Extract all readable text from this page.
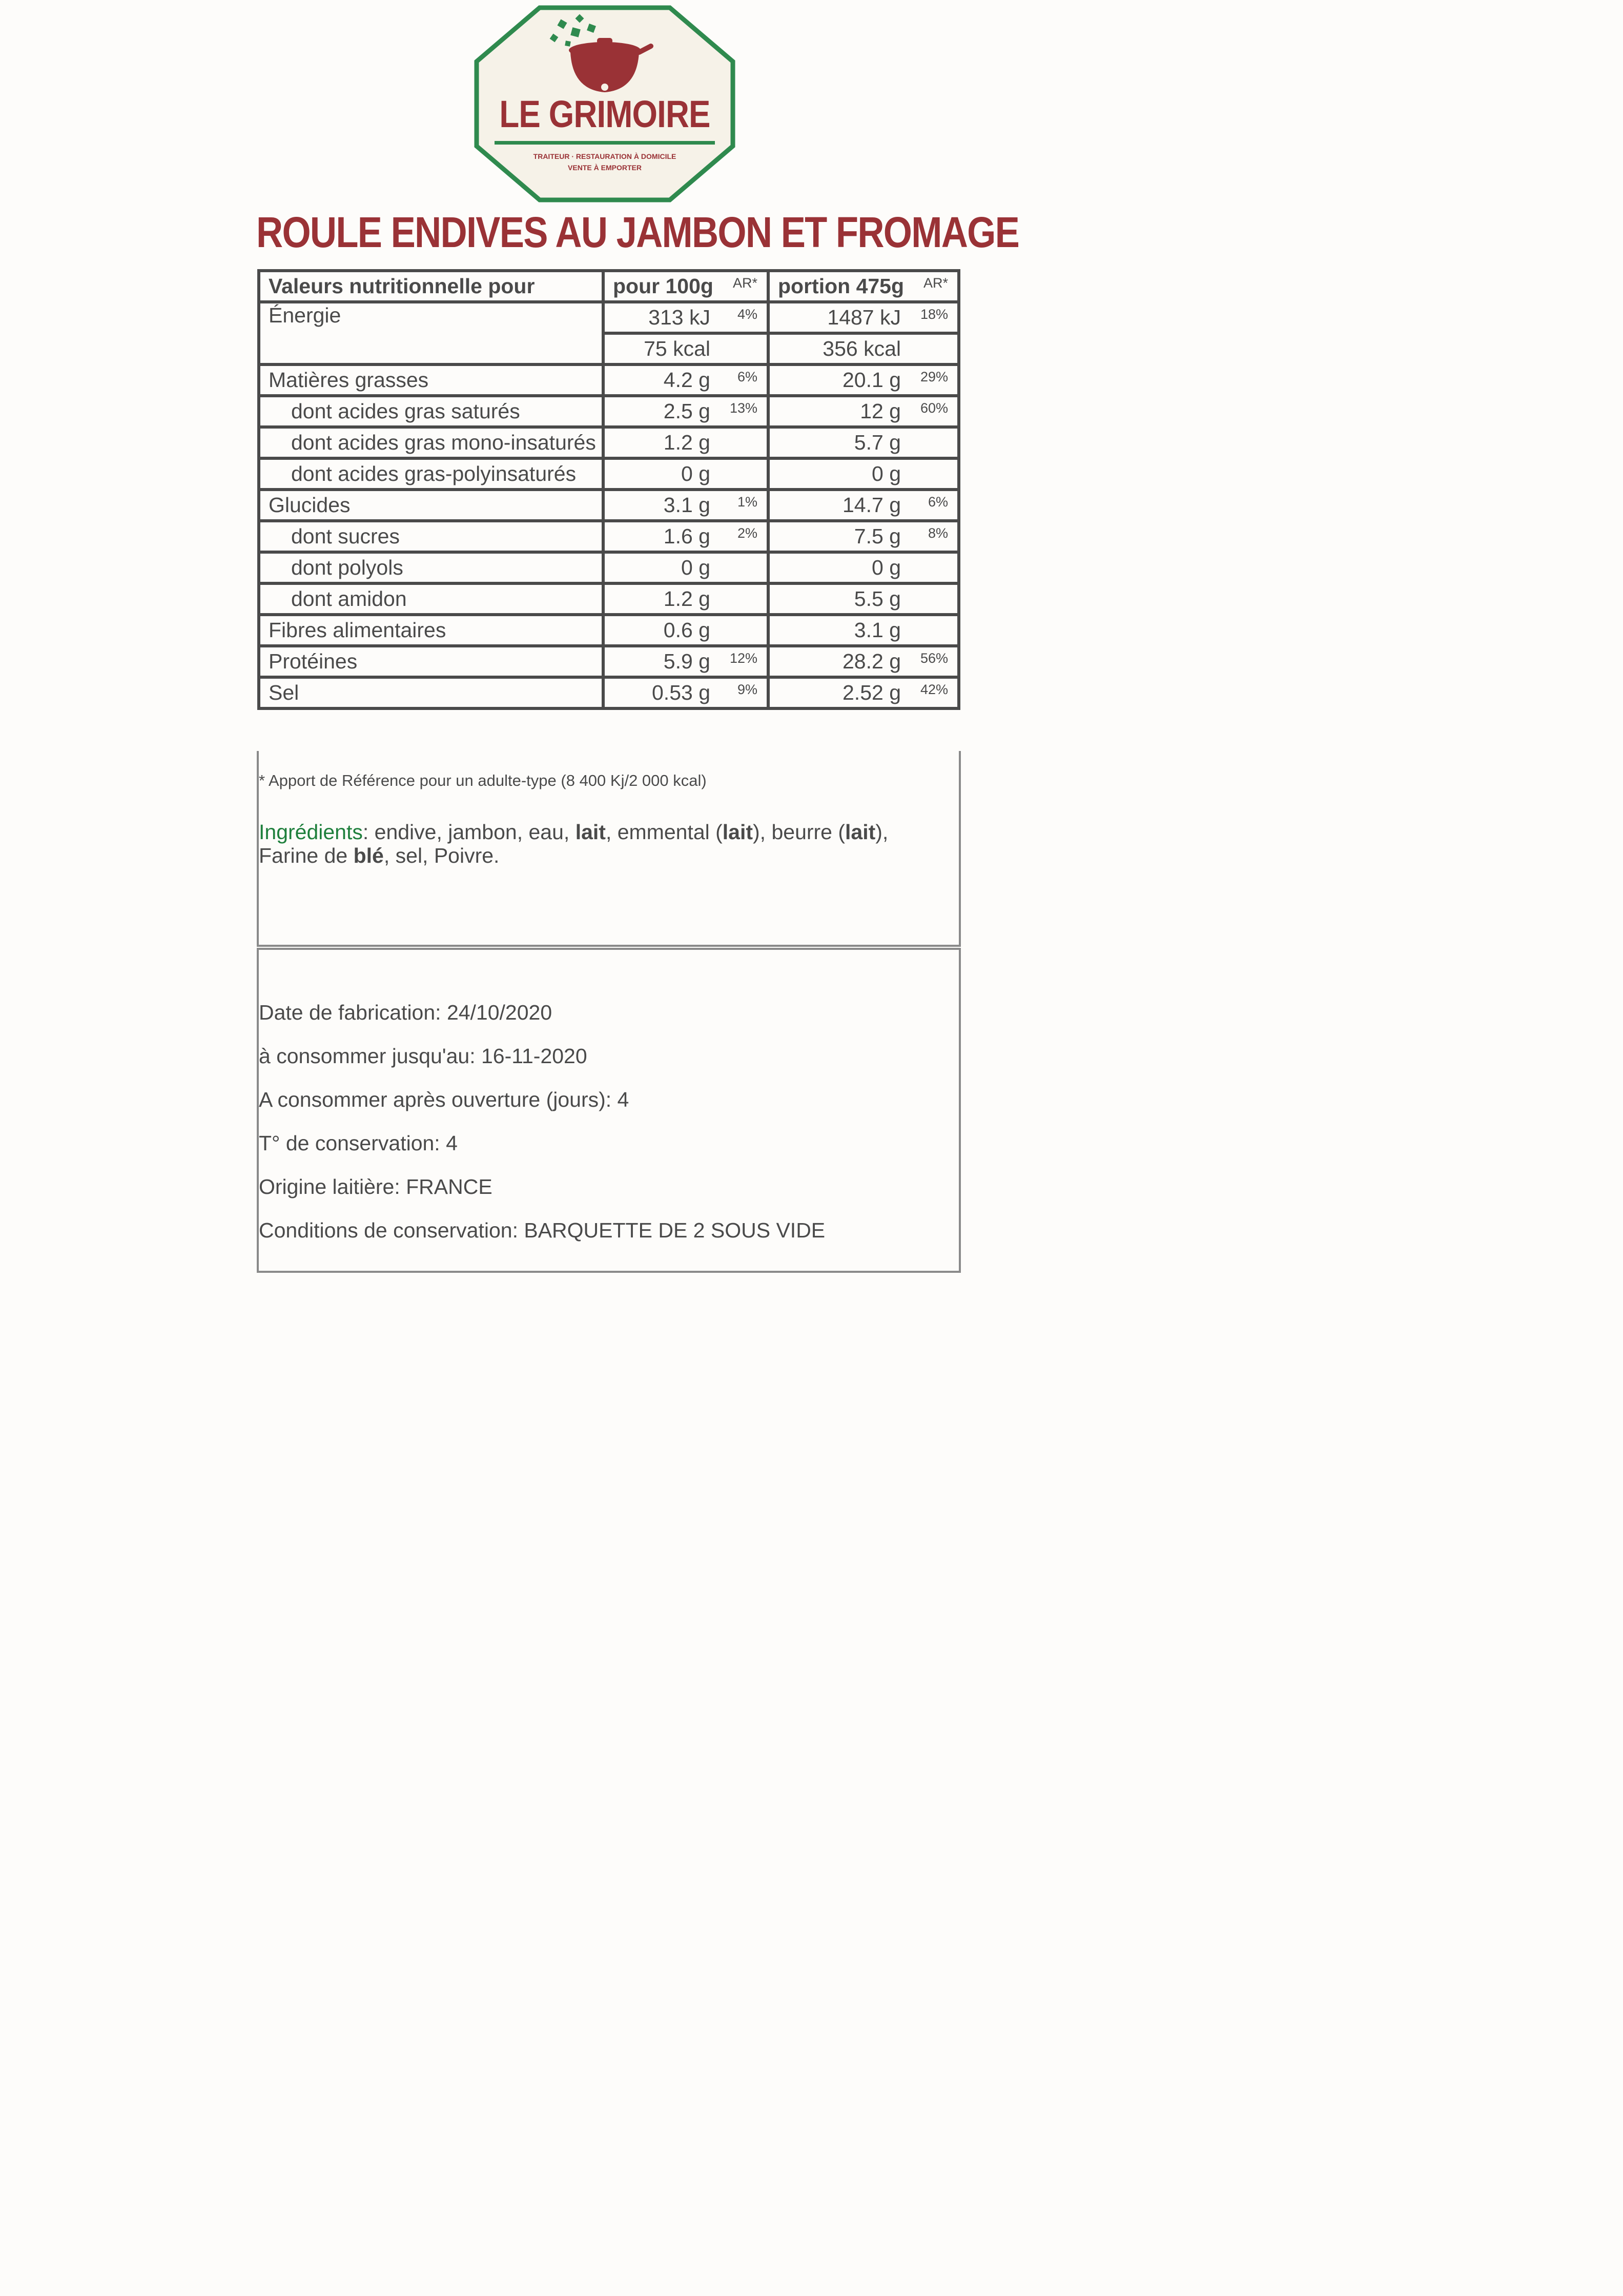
LE GRIMOIRE
TRAITEUR · RESTAURATION À DOMICILE
VENTE À EMPORTER
ROULE ENDIVES AU JAMBON ET FROMAGE
Valeurs nutritionnelle pour	pour 100g AR*	portion 475g AR*

Énergie	313 kJ 4%	1487 kJ 18%

	75 kcal	356 kcal
Matières grasses	4.2 g 6%	20.1 g 29%

dont acides gras saturés	2.5 g 13%	12 g 60%

dont acides gras mono-insaturés	1.2 g	5.7 g

dont acides gras-polyinsaturés	0 g	0 g

Glucides	3.1 g 1%	14.7 g 6%

dont sucres	1.6 g 2%	7.5 g 8%

dont polyols	0 g	0 g

dont amidon	1.2 g	5.5 g

Fibres alimentaires	0.6 g	3.1 g

Protéines	5.9 g 12%	28.2 g 56%

Sel	0.53 g 9%	2.52 g 42%
* Apport de Référence pour un adulte-type (8 400 Kj/2 000 kcal)
Ingrédients: endive, jambon, eau, lait, emmental (lait), beurre (lait), Farine de blé, sel, Poivre.
Date de fabrication: 24/10/2020
à consommer jusqu'au: 16-11-2020
A consommer après ouverture (jours): 4
T° de conservation: 4
Origine laitière: FRANCE
Conditions de conservation: BARQUETTE DE 2 SOUS VIDE
